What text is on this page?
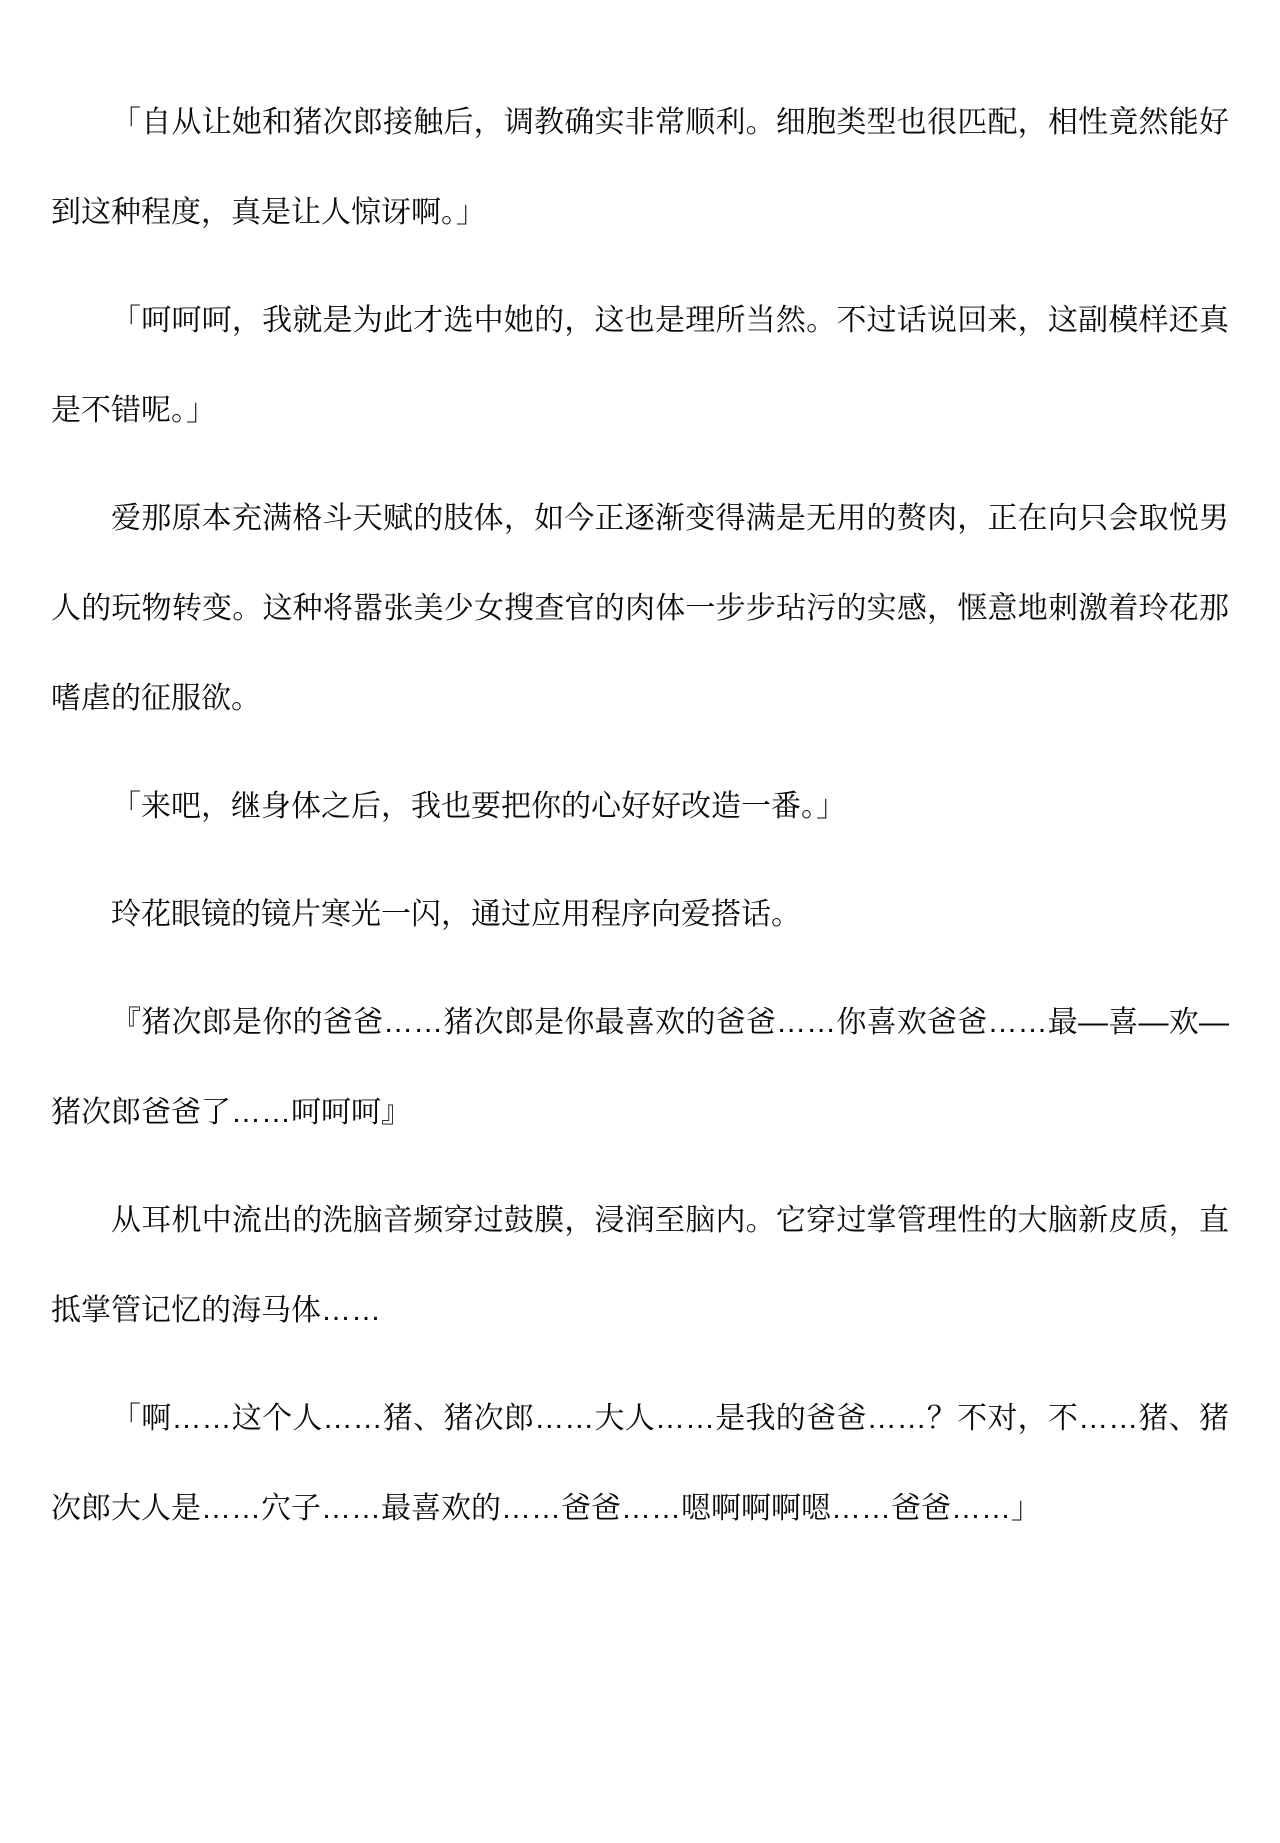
「自从让她和猪次郎接触后，调教确实非常顺利。细胞类型也很匹配，相性竟然能好到这种程度，真是让人惊讶啊。」

「呵呵呵，我就是为此才选中她的，这也是理所当然。不过话说回来，这副模样还真是不错呢。」

爱那原本充满格斗天赋的肢体，如今正逐渐变得满是无用的赘肉，正在向只会取悦男人的玩物转变。这种将嚣张美少女搜查官的肉体一步步玷污的实感，惬意地刺激着玲花那嗜虐的征服欲。

「来吧，继身体之后，我也要把你的心好好改造一番。」

玲花眼镜的镜片寒光一闪，通过应用程序向爱搭话。

『猪次郎是你的爸爸……猪次郎是你最喜欢的爸爸……你喜欢爸爸……最—喜—欢—猪次郎爸爸了……呵呵呵』

从耳机中流出的洗脑音频穿过鼓膜，浸润至脑内。它穿过掌管理性的大脑新皮质，直抵掌管记忆的海马体……

「啊……这个人……猪、猪次郎……大人……是我的爸爸……？不对，不……猪、猪次郎大人是……穴子……最喜欢的……爸爸……嗯啊啊啊嗯……爸爸……」
